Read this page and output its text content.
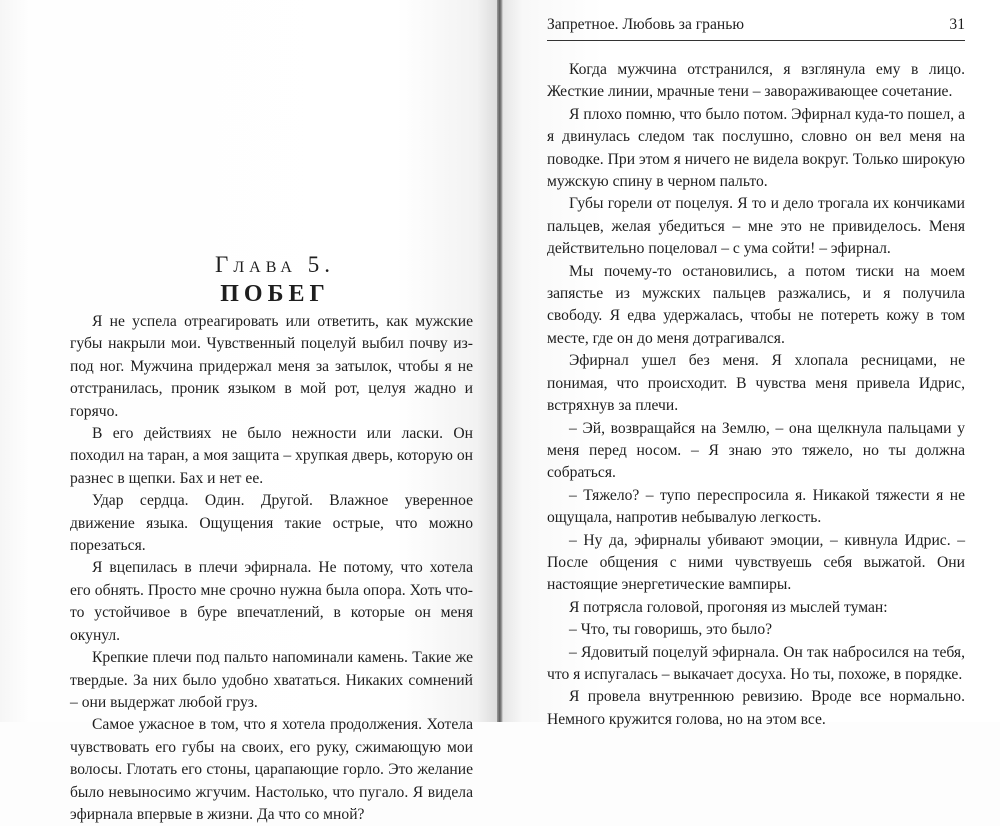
Глава 5.
ПОБЕГ

Я не успела отреагировать или ответить, как мужские губы накрыли мои. Чувственный поцелуй выбил почву из-под ног. Мужчина придержал меня за затылок, чтобы я не отстранилась, проник языком в мой рот, целуя жадно и горячо.

В его действиях не было нежности или ласки. Он походил на таран, а моя защита – хрупкая дверь, которую он разнес в щепки. Бах и нет ее.

Удар сердца. Один. Другой. Влажное уверенное движение языка. Ощущения такие острые, что можно порезаться.

Я вцепилась в плечи эфирнала. Не потому, что хотела его обнять. Просто мне срочно нужна была опора. Хоть что-то устойчивое в буре впечатлений, в которые он меня окунул.

Крепкие плечи под пальто напоминали камень. Такие же твердые. За них было удобно хвататься. Никаких сомнений – они выдержат любой груз.

Самое ужасное в том, что я хотела продолжения. Хотела чувствовать его губы на своих, его руку, сжимающую мои волосы. Глотать его стоны, царапающие горло. Это желание было невыносимо жгучим. Настолько, что пугало. Я видела эфирнала впервые в жизни. Да что со мной?

Запретное. Любовь за гранью	31

Когда мужчина отстранился, я взглянула ему в лицо. Жесткие линии, мрачные тени – завораживающее сочетание.

Я плохо помню, что было потом. Эфирнал куда-то пошел, а я двинулась следом так послушно, словно он вел меня на поводке. При этом я ничего не видела вокруг. Только широкую мужскую спину в черном пальто.

Губы горели от поцелуя. Я то и дело трогала их кончиками пальцев, желая убедиться – мне это не привиделось. Меня действительно поцеловал – с ума сойти! – эфирнал.

Мы почему-то остановились, а потом тиски на моем запястье из мужских пальцев разжались, и я получила свободу. Я едва удержалась, чтобы не потереть кожу в том месте, где он до меня дотрагивался.

Эфирнал ушел без меня. Я хлопала ресницами, не понимая, что происходит. В чувства меня привела Идрис, встряхнув за плечи.

– Эй, возвращайся на Землю, – она щелкнула пальцами у меня перед носом. – Я знаю это тяжело, но ты должна собраться.

– Тяжело? – тупо переспросила я. Никакой тяжести я не ощущала, напротив небывалую легкость.

– Ну да, эфирналы убивают эмоции, – кивнула Идрис. – После общения с ними чувствуешь себя выжатой. Они настоящие энергетические вампиры.

Я потрясла головой, прогоняя из мыслей туман:

– Что, ты говоришь, это было?

– Ядовитый поцелуй эфирнала. Он так набросился на тебя, что я испугалась – выкачает досуха. Но ты, похоже, в порядке.

Я провела внутреннюю ревизию. Вроде все нормально. Немного кружится голова, но на этом все.
